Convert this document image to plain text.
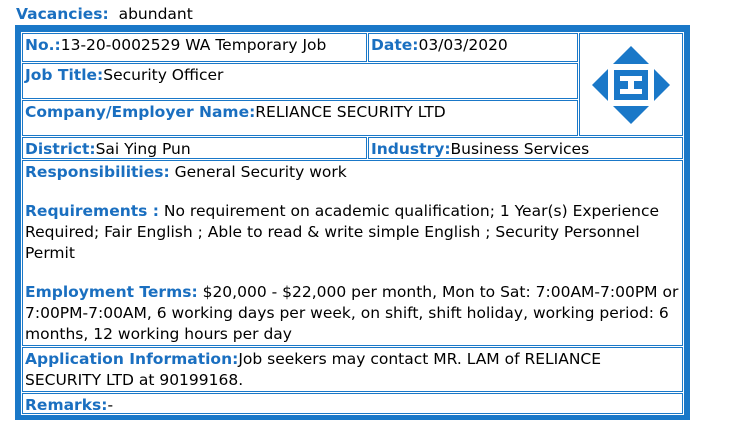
Vacancies: abundant
No.:13-20-0002529 WA Temporary Job	Date:03/03/2020
Job Title:Security Officer
Company/Employer Name:RELIANCE SECURITY LTD
District:Sai Ying Pun	Industry:Business Services

Responsibilities: General Security work

Requirements : No requirement on academic qualification; 1 Year(s) Experience Required; Fair English ; Able to read & write simple English ; Security Personnel Permit

Employment Terms: $20,000 - $22,000 per month, Mon to Sat: 7:00AM-7:00PM or 7:00PM-7:00AM, 6 working days per week, on shift, shift holiday, working period: 6 months, 12 working hours per day

Application Information:Job seekers may contact MR. LAM of RELIANCE SECURITY LTD at 90199168.
Remarks:-
